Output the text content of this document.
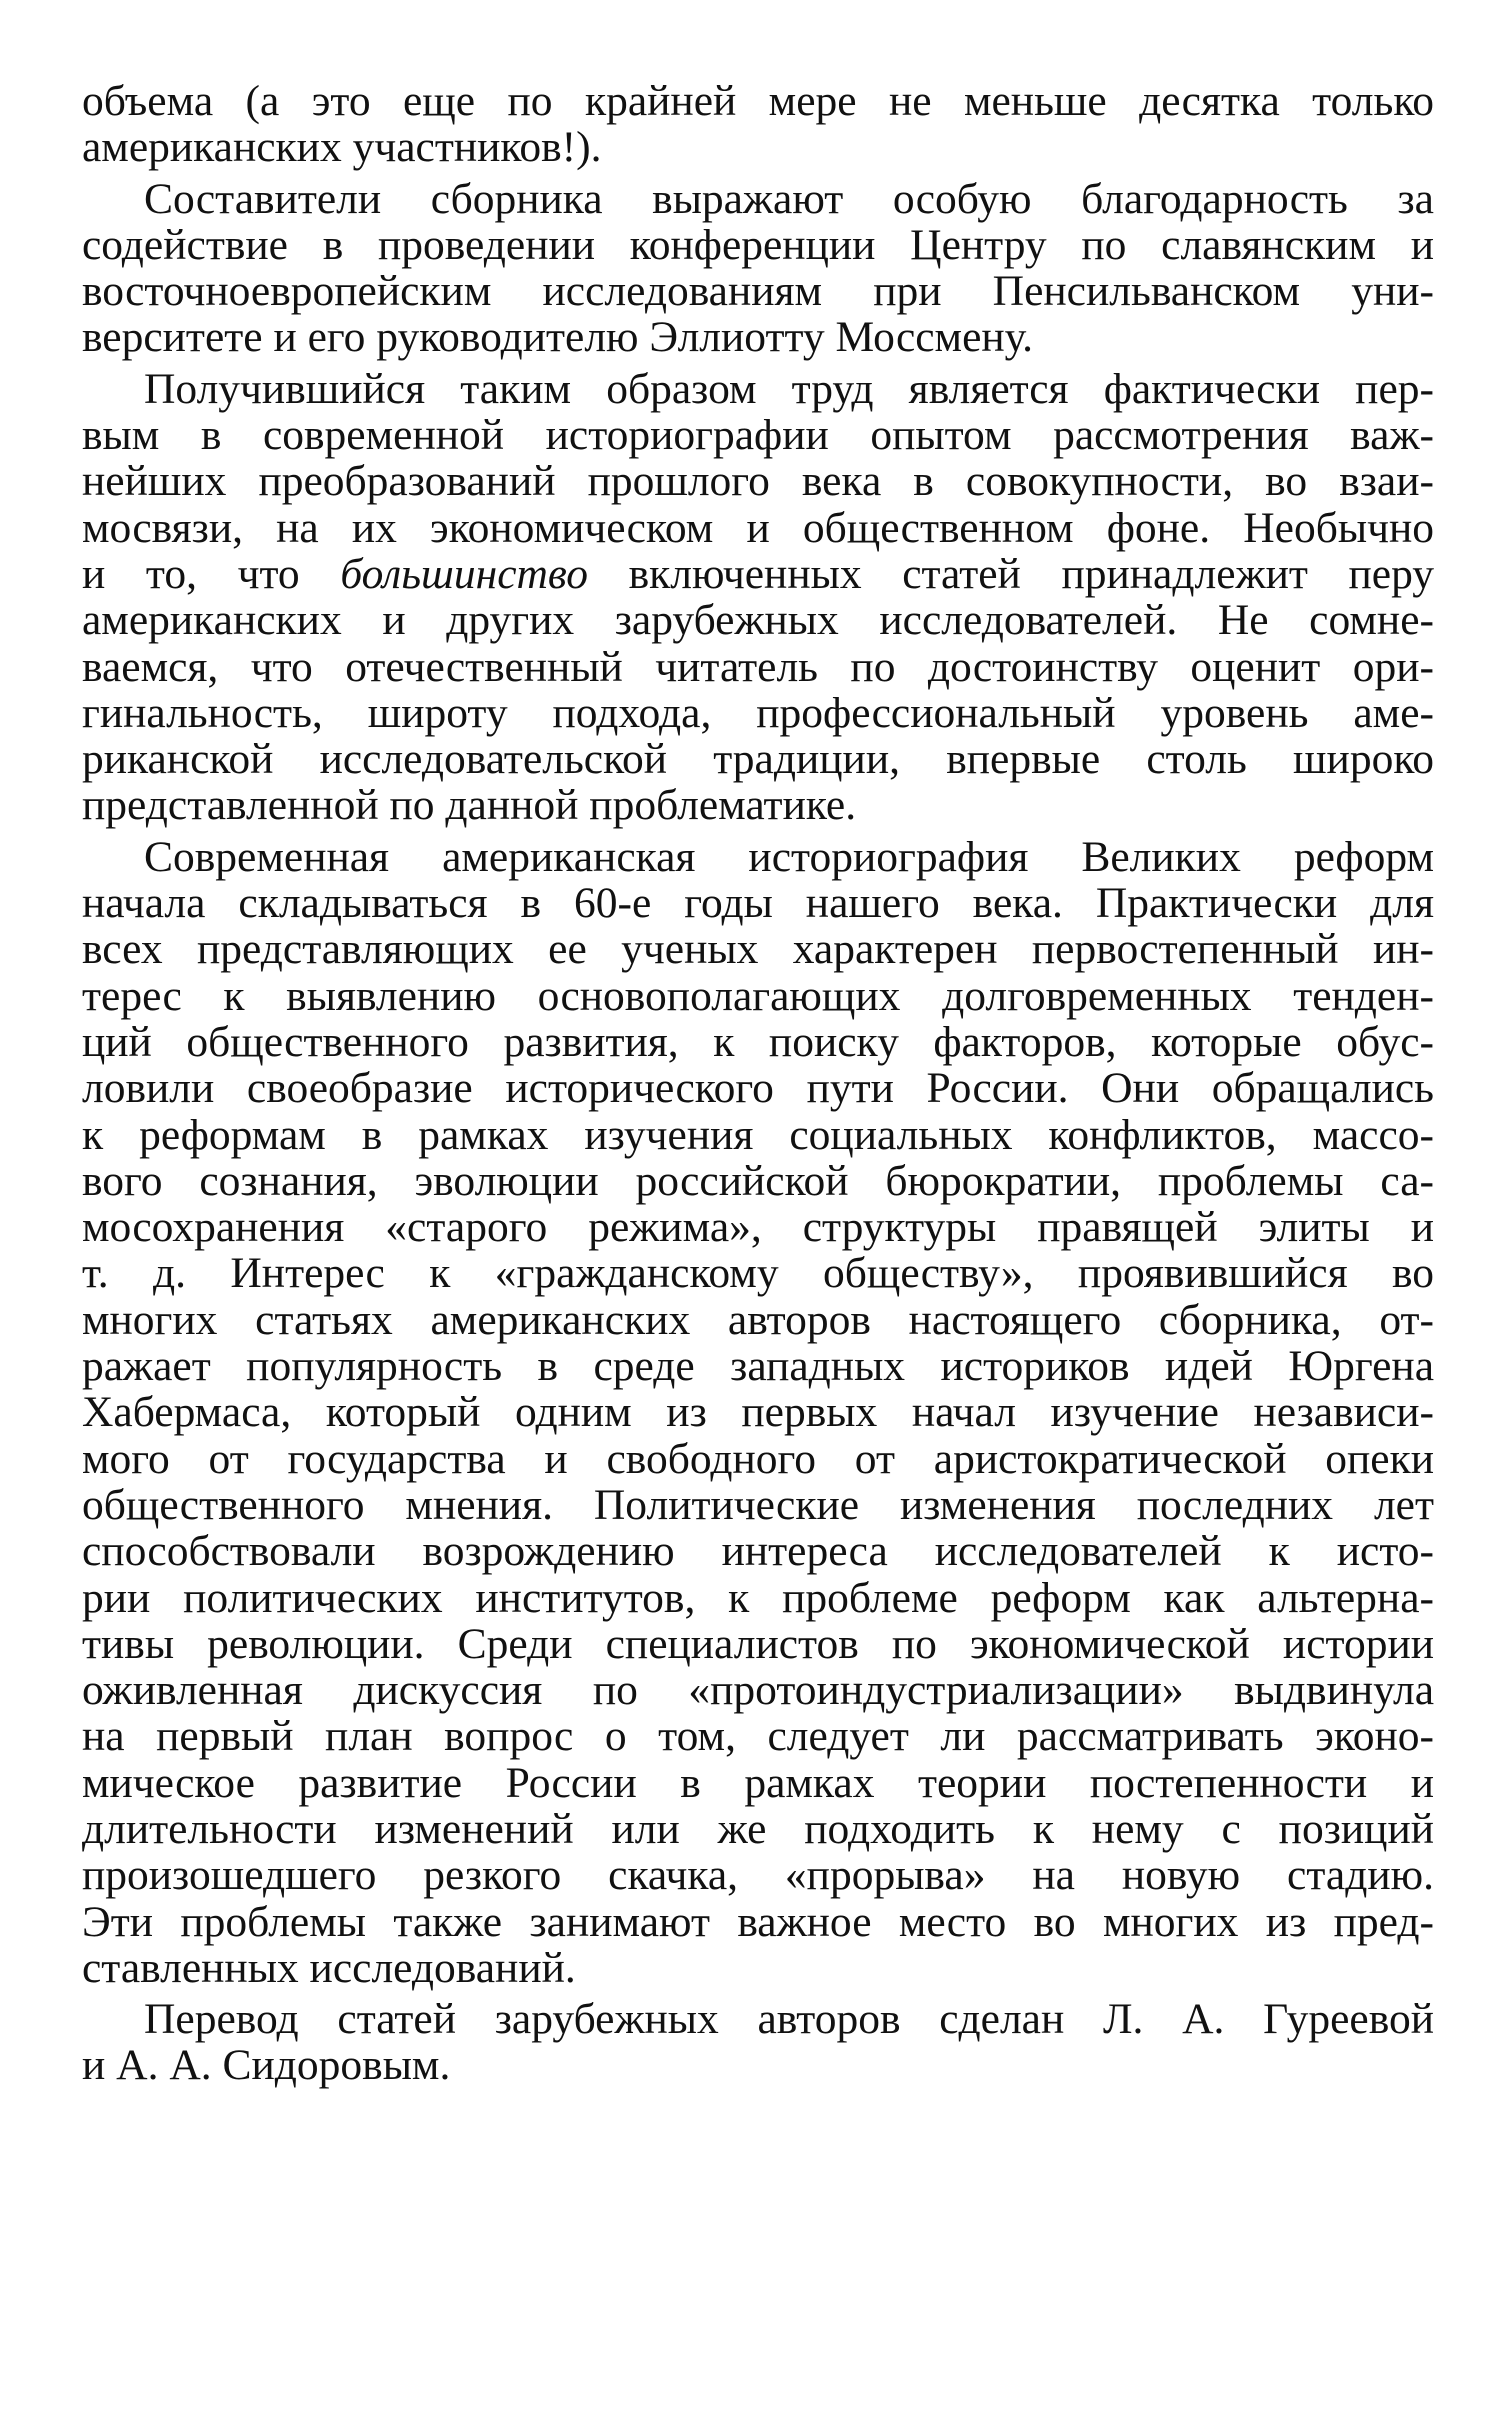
объема (а это еще по крайней мере не меньше десятка только
американских участников!).
Составители сборника выражают особую благодарность за
содействие в проведении конференции Центру по славянским и
восточноевропейским исследованиям при Пенсильванском уни-
верситете и его руководителю Эллиотту Моссмену.
Получившийся таким образом труд является фактически пер-
вым в современной историографии опытом рассмотрения важ-
нейших преобразований прошлого века в совокупности, во взаи-
мосвязи, на их экономическом и общественном фоне. Необычно
и то, что большинство включенных статей принадлежит перу
американских и других зарубежных исследователей. Не сомне-
ваемся, что отечественный читатель по достоинству оценит ори-
гинальность, широту подхода, профессиональный уровень аме-
риканской исследовательской традиции, впервые столь широко
представленной по данной проблематике.
Современная американская историография Великих реформ
начала складываться в 60-е годы нашего века. Практически для
всех представляющих ее ученых характерен первостепенный ин-
терес к выявлению основополагающих долговременных тенден-
ций общественного развития, к поиску факторов, которые обус-
ловили своеобразие исторического пути России. Они обращались
к реформам в рамках изучения социальных конфликтов, массо-
вого сознания, эволюции российской бюрократии, проблемы са-
мосохранения «старого режима», структуры правящей элиты и
т. д. Интерес к «гражданскому обществу», проявившийся во
многих статьях американских авторов настоящего сборника, от-
ражает популярность в среде западных историков идей Юргена
Хабермаса, который одним из первых начал изучение независи-
мого от государства и свободного от аристократической опеки
общественного мнения. Политические изменения последних лет
способствовали возрождению интереса исследователей к исто-
рии политических институтов, к проблеме реформ как альтерна-
тивы революции. Среди специалистов по экономической истории
оживленная дискуссия по «протоиндустриализации» выдвинула
на первый план вопрос о том, следует ли рассматривать эконо-
мическое развитие России в рамках теории постепенности и
длительности изменений или же подходить к нему с позиций
произошедшего резкого скачка, «прорыва» на новую стадию.
Эти проблемы также занимают важное место во многих из пред-
ставленных исследований.
Перевод статей зарубежных авторов сделан Л. А. Гуреевой
и А. А. Сидоровым.
